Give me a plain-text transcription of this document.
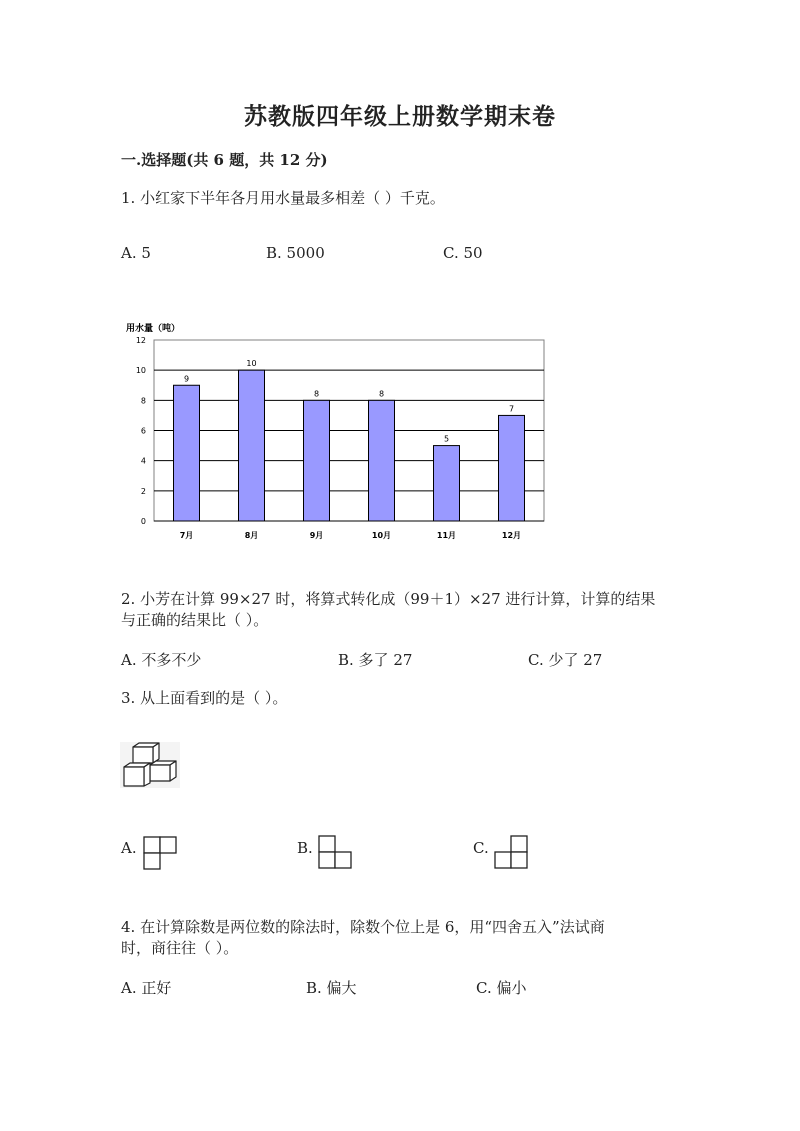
苏教版四年级上册数学期末卷
一.选择题(共 6 题，共 12 分)
1. 小红家下半年各月用水量最多相差（ ）千克。
A. 5	B. 5000	C. 50
用水量（吨）
0
2
4
6
8
10
12
9
10
8	8
5
7
7月	8月	9月	10月	11月	12月
2. 小芳在计算 99×27 时，将算式转化成（99＋1）×27 进行计算，计算的结果
与正确的结果比（ ）。
A. 不多不少	B. 多了 27	C. 少了 27
3. 从上面看到的是（ ）。
A.	B.	C.
4. 在计算除数是两位数的除法时，除数个位上是 6，用“四舍五入”法试商
时，商往往（ ）。
A. 正好	B. 偏大	C. 偏小
